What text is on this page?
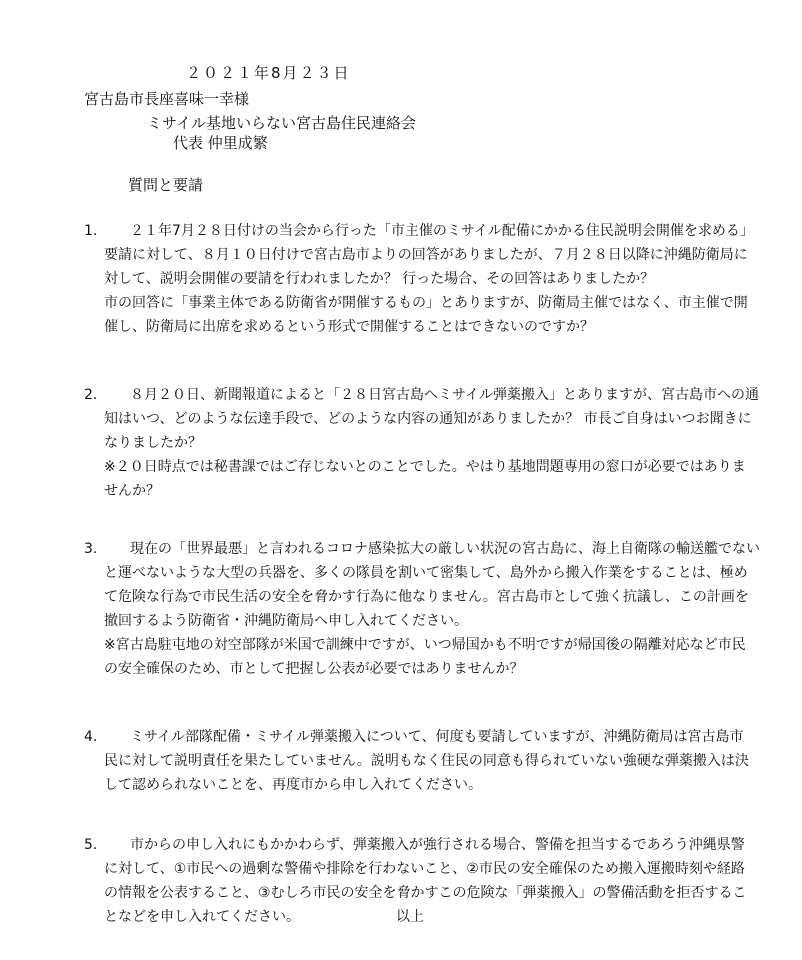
２０２１年8月２３日
宮古島市長座喜味一幸様
ミサイル基地いらない宮古島住民連絡会
代表 仲里成繁
質問と要請
1.	２１年7月２８日付けの当会から行った「市主催のミサイル配備にかかる住民説明会開催を求める」

要請に対して、８月１０日付けで宮古島市よりの回答がありましたが、７月２８日以降に沖縄防衛局に

対して、説明会開催の要請を行われましたか？ 行った場合、その回答はありましたか？

市の回答に「事業主体である防衛省が開催するもの」とありますが、防衛局主催ではなく、市主催で開

催し、防衛局に出席を求めるという形式で開催することはできないのですか？

2.	８月２０日、新聞報道によると「２８日宮古島へミサイル弾薬搬入」とありますが、宮古島市への通

知はいつ、どのような伝達手段で、どのような内容の通知がありましたか？ 市長ご自身はいつお聞きに

なりましたか？

※２０日時点では秘書課ではご存じないとのことでした。やはり基地問題専用の窓口が必要ではありま

せんか？

3.	現在の「世界最悪」と言われるコロナ感染拡大の厳しい状況の宮古島に、海上自衛隊の輸送艦でない

と運べないような大型の兵器を、多くの隊員を割いて密集して、島外から搬入作業をすることは、極め

て危険な行為で市民生活の安全を脅かす行為に他なりません。宮古島市として強く抗議し、この計画を

撤回するよう防衛省・沖縄防衛局へ申し入れてください。

※宮古島駐屯地の対空部隊が米国で訓練中ですが、いつ帰国かも不明ですが帰国後の隔離対応など市民

の安全確保のため、市として把握し公表が必要ではありませんか？

4.	ミサイル部隊配備・ミサイル弾薬搬入について、何度も要請していますが、沖縄防衛局は宮古島市

民に対して説明責任を果たしていません。説明もなく住民の同意も得られていない強硬な弾薬搬入は決

して認められないことを、再度市から申し入れてください。

5.	市からの申し入れにもかかわらず、弾薬搬入が強行される場合、警備を担当するであろう沖縄県警

に対して、①市民への過剰な警備や排除を行わないこと、②市民の安全確保のため搬入運搬時刻や経路

の情報を公表すること、③むしろ市民の安全を脅かすこの危険な「弾薬搬入」の警備活動を拒否するこ

となどを申し入れてください。	以上
